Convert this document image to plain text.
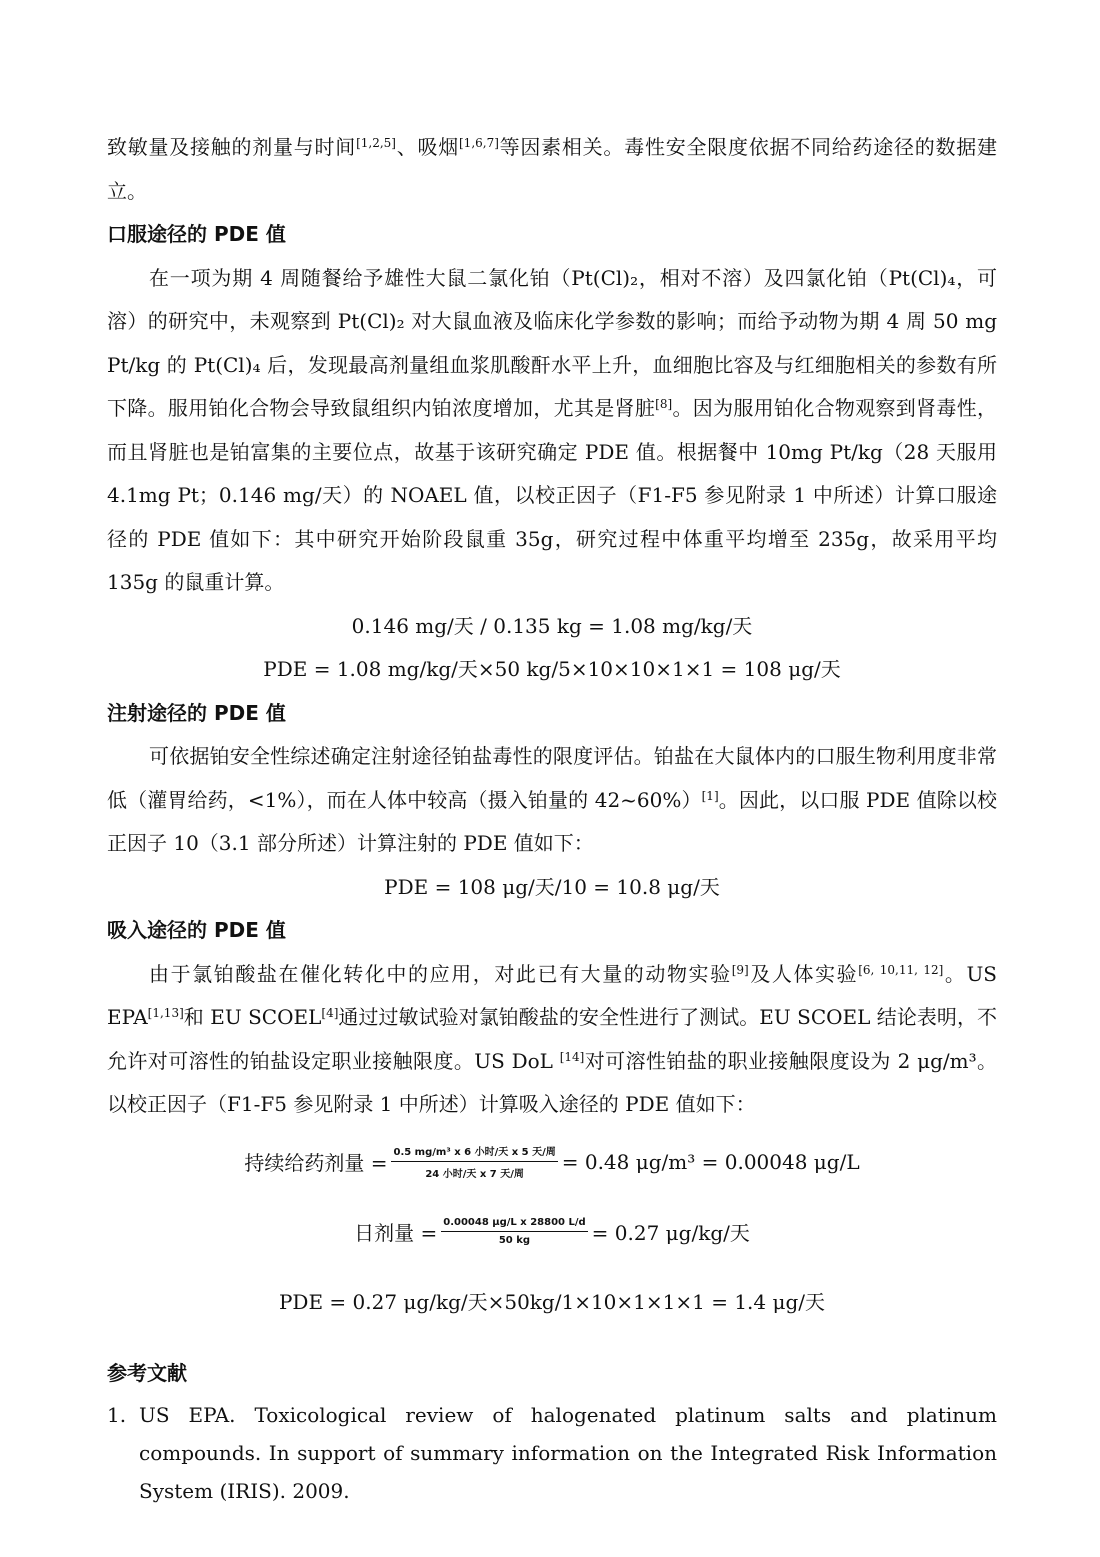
致敏量及接触的剂量与时间[1,2,5]、吸烟[1,6,7]等因素相关。毒性安全限度依据不同给药途径的数据建立。

口服途径的 PDE 值

在一项为期 4 周随餐给予雄性大鼠二氯化铂（Pt(Cl)₂，相对不溶）及四氯化铂（Pt(Cl)₄，可溶）的研究中，未观察到 Pt(Cl)₂ 对大鼠血液及临床化学参数的影响；而给予动物为期 4 周 50 mg Pt/kg 的 Pt(Cl)₄ 后，发现最高剂量组血浆肌酸酐水平上升，血细胞比容及与红细胞相关的参数有所下降。服用铂化合物会导致鼠组织内铂浓度增加，尤其是肾脏[8]。因为服用铂化合物观察到肾毒性，而且肾脏也是铂富集的主要位点，故基于该研究确定 PDE 值。根据餐中 10mg Pt/kg（28 天服用 4.1mg Pt；0.146 mg/天）的 NOAEL 值，以校正因子（F1-F5 参见附录 1 中所述）计算口服途径的 PDE 值如下：其中研究开始阶段鼠重 35g，研究过程中体重平均增至 235g，故采用平均 135g 的鼠重计算。

0.146 mg/天 / 0.135 kg = 1.08 mg/kg/天

PDE = 1.08 mg/kg/天×50 kg/5×10×10×1×1 = 108 μg/天

注射途径的 PDE 值

可依据铂安全性综述确定注射途径铂盐毒性的限度评估。铂盐在大鼠体内的口服生物利用度非常低（灌胃给药，<1%），而在人体中较高（摄入铂量的 42~60%）[1]。因此，以口服 PDE 值除以校正因子 10（3.1 部分所述）计算注射的 PDE 值如下：

PDE = 108 μg/天/10 = 10.8 μg/天

吸入途径的 PDE 值

由于氯铂酸盐在催化转化中的应用，对此已有大量的动物实验[9]及人体实验[6, 10,11, 12]。US EPA[1,13]和 EU SCOEL[4]通过过敏试验对氯铂酸盐的安全性进行了测试。EU SCOEL 结论表明，不允许对可溶性的铂盐设定职业接触限度。US DoL [14]对可溶性铂盐的职业接触限度设为 2 μg/m³。以校正因子（F1-F5 参见附录 1 中所述）计算吸入途径的 PDE 值如下：

持续给药剂量 = $\frac{\text{0.5 mg/m³ x 6 小时/天 x 5 天/周}}{\text{24 小时/天 x 7 天/周}} = 0.48$ μg/m³ = 0.00048 μg/L
日剂量 = $\frac{\text{0.00048 μg/L x 28800 L/d}}{50 kg} = 0.27$ μg/kg/天

PDE = 0.27 μg/kg/天×50kg/1×10×1×1×1 = 1.4 μg/天

参考文献

1. US EPA. Toxicological review of halogenated platinum salts and platinum compounds. In support of summary information on the Integrated Risk Information System (IRIS). 2009.
